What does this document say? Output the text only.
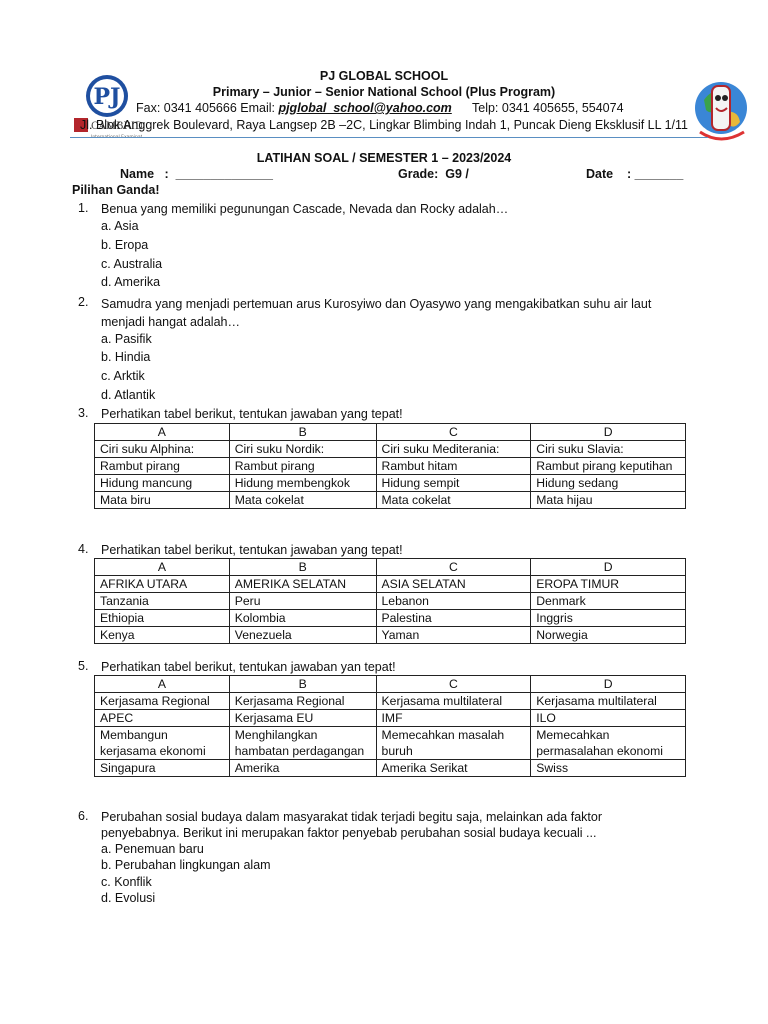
PJ
CAMBRID
International Examina
PJ GLOBAL SCHOOL
Primary – Junior – Senior National School (Plus Program)
Fax: 0341 405666 Email: pjglobal_school@yahoo.com Telp: 0341 405655, 554074
Jl. Blok Anggrek Boulevard, Raya Langsep 2B –2C, Lingkar Blimbing Indah 1, Puncak Dieng Eksklusif LL 1/11
LATIHAN SOAL / SEMESTER 1 – 2023/2024
Name   :  ______________	Grade:  G9 /	Date    : _______
Pilihan Ganda!
1. Benua yang memiliki pegunungan Cascade, Nevada dan Rocky adalah…
a. Asia
b. Eropa
c. Australia
d. Amerika
2. Samudra yang menjadi pertemuan arus Kurosyiwo dan Oyasywo yang mengakibatkan suhu air laut menjadi hangat adalah…
a. Pasifik
b. Hindia
c. Arktik
d. Atlantik
3. Perhatikan tabel berikut, tentukan jawaban yang tepat!
A	B	C	D
Ciri suku Alphina:	Ciri suku Nordik:	Ciri suku Mediterania:	Ciri suku Slavia:
Rambut pirang	Rambut pirang	Rambut hitam	Rambut pirang keputihan
Hidung mancung	Hidung membengkok	Hidung sempit	Hidung sedang
Mata biru	Mata cokelat	Mata cokelat	Mata hijau
4. Perhatikan tabel berikut, tentukan jawaban yang tepat!
A	B	C	D
AFRIKA UTARA	AMERIKA SELATAN	ASIA SELATAN	EROPA TIMUR
Tanzania	Peru	Lebanon	Denmark
Ethiopia	Kolombia	Palestina	Inggris
Kenya	Venezuela	Yaman	Norwegia
5. Perhatikan tabel berikut, tentukan jawaban yan tepat!
A	B	C	D
Kerjasama Regional	Kerjasama Regional	Kerjasama multilateral	Kerjasama multilateral
APEC	Kerjasama EU	IMF	ILO
Membangun kerjasama ekonomi	Menghilangkan hambatan perdagangan	Memecahkan masalah buruh	Memecahkan permasalahan ekonomi
Singapura	Amerika	Amerika Serikat	Swiss
6. Perubahan sosial budaya dalam masyarakat tidak terjadi begitu saja, melainkan ada faktor penyebabnya. Berikut ini merupakan faktor penyebab perubahan sosial budaya kecuali ...
a. Penemuan baru
b. Perubahan lingkungan alam
c. Konflik
d. Evolusi
